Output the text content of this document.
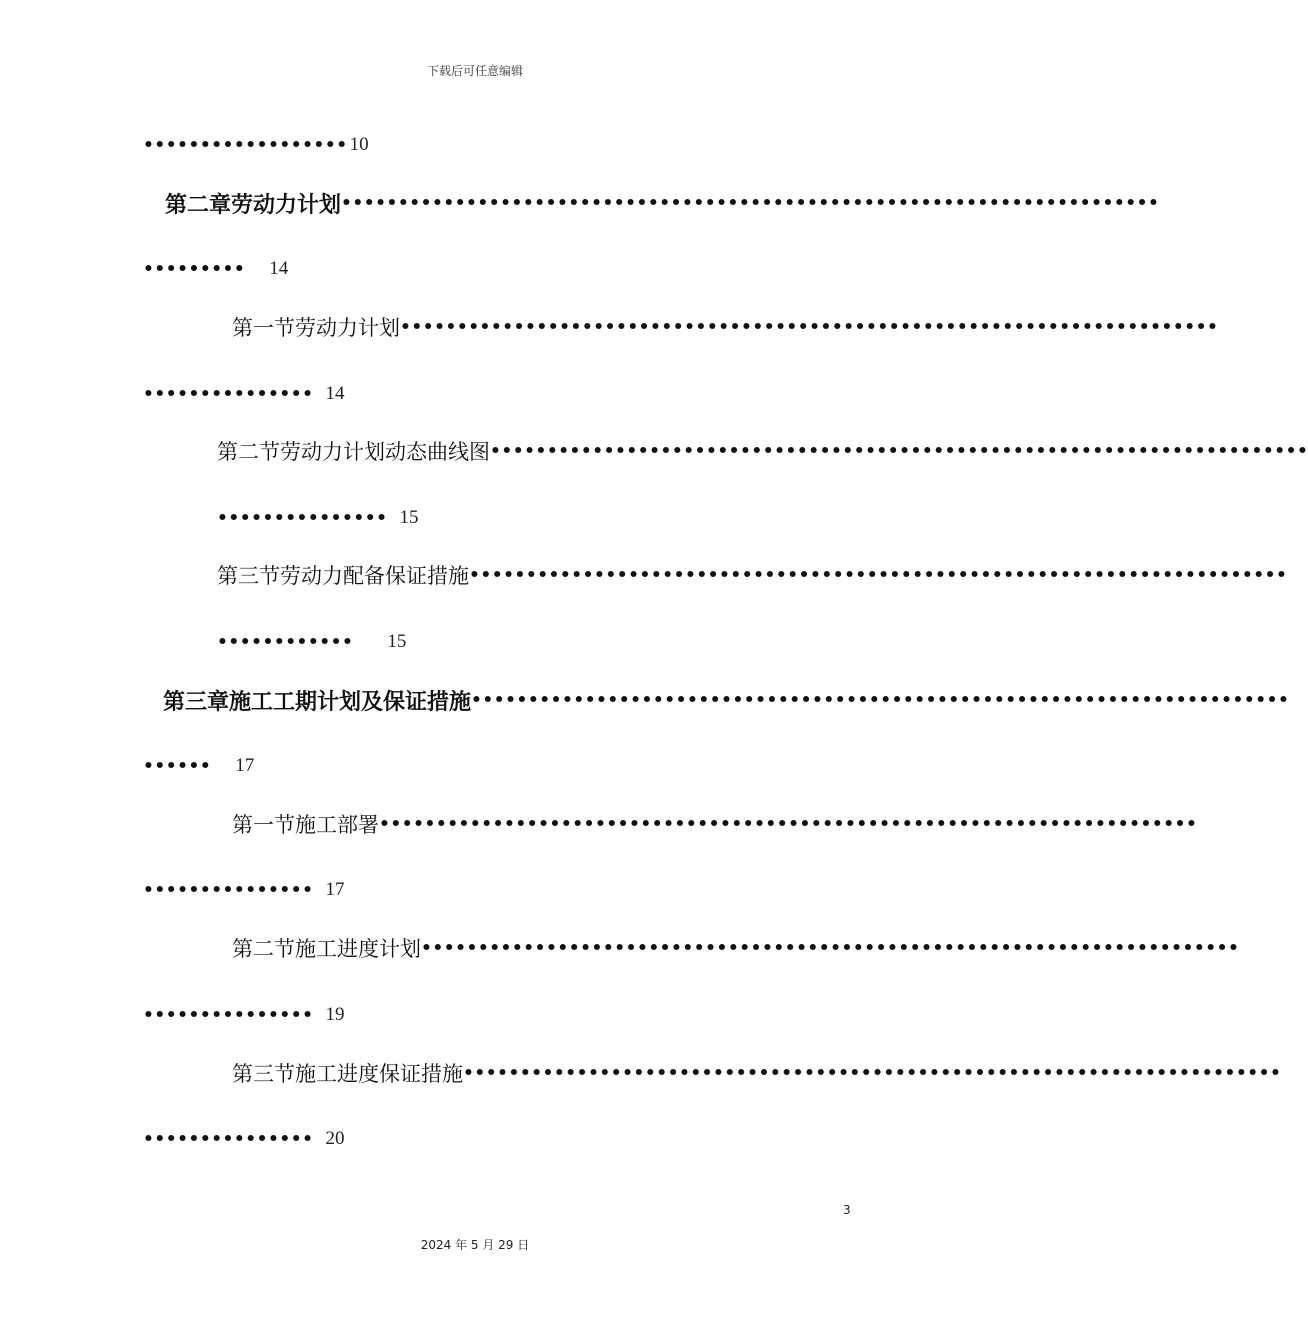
下载后可任意编辑
•••••••••••••••••• 10
第二章 劳动力计划 ••••••••••••••••••••••••••••••••••••••••••••••••••••••••••••••••••••••••
••••••••• 14
第一节 劳动力计划 ••••••••••••••••••••••••••••••••••••••••••••••••••••••••••••••••••••••••
••••••••••••••• 14
第二节 劳动力计划动态曲线图 ••••••••••••••••••••••••••••••••••••••••••••••••••••••••••••••••••••••••
••••••••••••••• 15
第三节 劳动力配备保证措施 ••••••••••••••••••••••••••••••••••••••••••••••••••••••••••••••••••••••••
•••••••••••• 15
第三章 施工工期计划及保证措施 ••••••••••••••••••••••••••••••••••••••••••••••••••••••••••••••••••••••••
•••••• 17
第一节 施工部署 ••••••••••••••••••••••••••••••••••••••••••••••••••••••••••••••••••••••••
••••••••••••••• 17
第二节 施工进度计划 ••••••••••••••••••••••••••••••••••••••••••••••••••••••••••••••••••••••••
••••••••••••••• 19
第三节 施工进度保证措施 ••••••••••••••••••••••••••••••••••••••••••••••••••••••••••••••••••••••••
••••••••••••••• 20
3
2024 年 5 月 29 日
